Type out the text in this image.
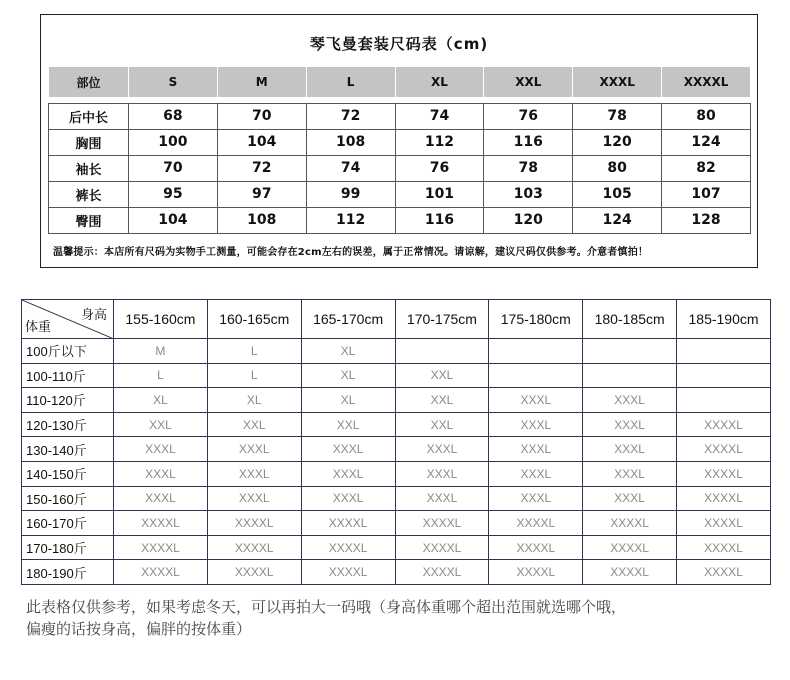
琴飞曼套装尺码表（cm)
部位	S	M	L	XL	XXL	XXXL	XXXXL

后中长	68	70	72	74	76	78	80
胸围	100	104	108	112	116	120	124
袖长	70	72	74	76	78	80	82
裤长	95	97	99	101	103	105	107
臀围	104	108	112	116	120	124	128
温馨提示：本店所有尺码为实物手工测量，可能会存在2cm左右的误差，属于正常情况。请谅解，建议尺码仅供参考。介意者慎拍！
身高
体重	155-160cm	160-165cm	165-170cm	170-175cm	175-180cm	180-185cm	185-190cm
100斤以下	M	L	XL				
100-110斤	L	L	XL	XXL			
110-120斤	XL	XL	XL	XXL	XXXL	XXXL	
120-130斤	XXL	XXL	XXL	XXL	XXXL	XXXL	XXXXL
130-140斤	XXXL	XXXL	XXXL	XXXL	XXXL	XXXL	XXXXL
140-150斤	XXXL	XXXL	XXXL	XXXL	XXXL	XXXL	XXXXL
150-160斤	XXXL	XXXL	XXXL	XXXL	XXXL	XXXL	XXXXL
160-170斤	XXXXL	XXXXL	XXXXL	XXXXL	XXXXL	XXXXL	XXXXL
170-180斤	XXXXL	XXXXL	XXXXL	XXXXL	XXXXL	XXXXL	XXXXL
180-190斤	XXXXL	XXXXL	XXXXL	XXXXL	XXXXL	XXXXL	XXXXL
此表格仅供参考，如果考虑冬天，可以再拍大一码哦（身高体重哪个超出范围就选哪个哦，
偏瘦的话按身高，偏胖的按体重）
